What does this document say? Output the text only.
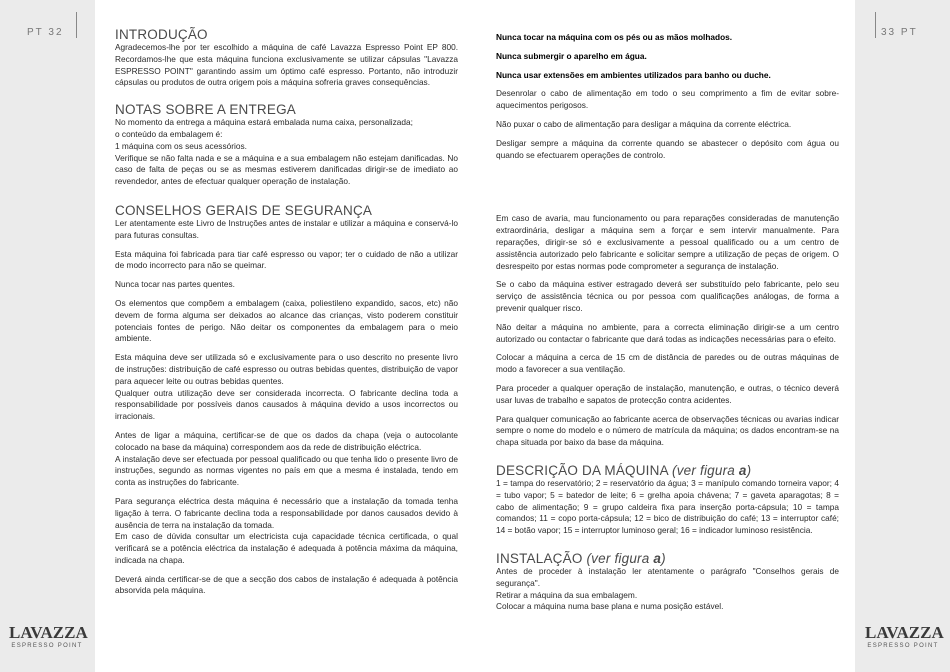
PT 32	33 PT
LAVAZZA
ESPRESSO POINT
LAVAZZA
ESPRESSO POINT
INTRODUÇÃO

Agradecemos-lhe por ter escolhido a máquina de café Lavazza Espresso Point EP 800. Recordamos-lhe que esta máquina funciona exclusivamente se utilizar cápsulas "Lavazza ESPRESSO POINT" garantindo assim um óptimo café espresso. Portanto, não introduzir cápsulas ou produtos de outra origem pois a máquina sofreria graves consequências.

NOTAS SOBRE A ENTREGA

No momento da entrega a máquina estará embalada numa caixa, personalizada;

o conteúdo da embalagem é:

1 máquina com os seus acessórios.

Verifique se não falta nada e se a máquina e a sua embalagem não estejam danificadas. No caso de falta de peças ou se as mesmas estiverem danificadas dirigir-se de imediato ao revendedor, antes de efectuar qualquer operação de instalação.

CONSELHOS GERAIS DE SEGURANÇA

Ler atentamente este Livro de Instruções antes de instalar e utilizar a máquina e conservá-lo para futuras consultas.

Esta máquina foi fabricada para tiar café espresso ou vapor; ter o cuidado de não a utilizar de modo incorrecto para não se queimar.

Nunca tocar nas partes quentes.

Os elementos que compõem a embalagem (caixa, poliestileno expandido, sacos, etc) não devem de forma alguma ser deixados ao alcance das crianças, visto poderem constituir potenciais fontes de perigo. Não deitar os componentes da embalagem para o meio ambiente.

Esta máquina deve ser utilizada só e exclusivamente para o uso descrito no presente livro de instruções: distribuição de café espresso ou outras bebidas quentes, distribuição de vapor para aquecer leite ou outras bebidas quentes.

Qualquer outra utilização deve ser considerada incorrecta. O fabricante declina toda a responsabilidade por possíveis danos causados à máquina devido a usos incorrectos ou irracionais.

Antes de ligar a máquina, certificar-se de que os dados da chapa (veja o autocolante colocado na base da máquina) correspondem aos da rede de distribuição eléctrica.

A instalação deve ser efectuada por pessoal qualificado ou que tenha lido o presente livro de instruções, segundo as normas vigentes no país em que a mesma é instalada, tendo em conta as instruções do fabricante.

Para segurança eléctrica desta máquina é necessário que a instalação da tomada tenha ligação à terra. O fabricante declina toda a responsabilidade por danos causados devido à ausência de terra na instalação da tomada.

Em caso de dúvida consultar um electricista cuja capacidade técnica certificada, o qual verificará se a potência eléctrica da instalação é adequada à potência máxima da máquina, indicada na chapa.

Deverá ainda certificar-se de que a secção dos cabos de instalação é adequada à potência absorvida pela máquina.

Nunca tocar na máquina com os pés ou as mãos molhados.

Nunca submergir o aparelho em água.

Nunca usar extensões em ambientes utilizados para banho ou duche.

Desenrolar o cabo de alimentação em todo o seu comprimento a fim de evitar sobre-aquecimentos perigosos.

Não puxar o cabo de alimentação para desligar a máquina da corrente eléctrica.

Desligar sempre a máquina da corrente quando se abastecer o depósito com água ou quando se efectuarem operações de controlo.

Em caso de avaria, mau funcionamento ou para reparações consideradas de manutenção extraordinária, desligar a máquina sem a forçar e sem intervir manualmente. Para reparações, dirigir-se só e exclusivamente a pessoal qualificado ou a um centro de assistência autorizado pelo fabricante e solicitar sempre a utilização de peças de origem. O desrespeito por estas normas pode comprometer a segurança de instalação.

Se o cabo da máquina estiver estragado deverá ser substituído pelo fabricante, pelo seu serviço de assistência técnica ou por pessoa com qualificações análogas, de forma a prevenir qualquer risco.

Não deitar a máquina no ambiente, para a correcta eliminação dirigir-se a um centro autorizado ou contactar o fabricante que dará todas as indicações necessárias para o efeito.

Colocar a máquina a cerca de 15 cm de distância de paredes ou de outras máquinas de modo a favorecer a sua ventilação.

Para proceder a qualquer operação de instalação, manutenção, e outras, o técnico deverá usar luvas de trabalho e sapatos de protecção contra acidentes.

Para qualquer comunicação ao fabricante acerca de observações técnicas ou avarias indicar sempre o nome do modelo e o número de matrícula da máquina; os dados encontram-se na chapa situada por baixo da base da máquina.

DESCRIÇÃO DA MÁQUINA (ver figura a)

1 = tampa do reservatório; 2 = reservatório da água; 3 = manípulo comando torneira vapor; 4 = tubo vapor; 5 = batedor de leite; 6 = grelha apoia chávena; 7 = gaveta aparagotas; 8 = cabo de alimentação; 9 = grupo caldeira fixa para inserção porta-cápsula; 10 = tampa comandos; 11 = copo porta-cápsula; 12 = bico de distribuição do café; 13 = interruptor café; 14 = botão vapor; 15 = interruptor luminoso geral; 16 = indicador luminoso resistência.

INSTALAÇÃO (ver figura a)

Antes de proceder à instalação ler atentamente o parágrafo "Conselhos gerais de segurança".

Retirar a máquina da sua embalagem.

Colocar a máquina numa base plana e numa posição estável.
